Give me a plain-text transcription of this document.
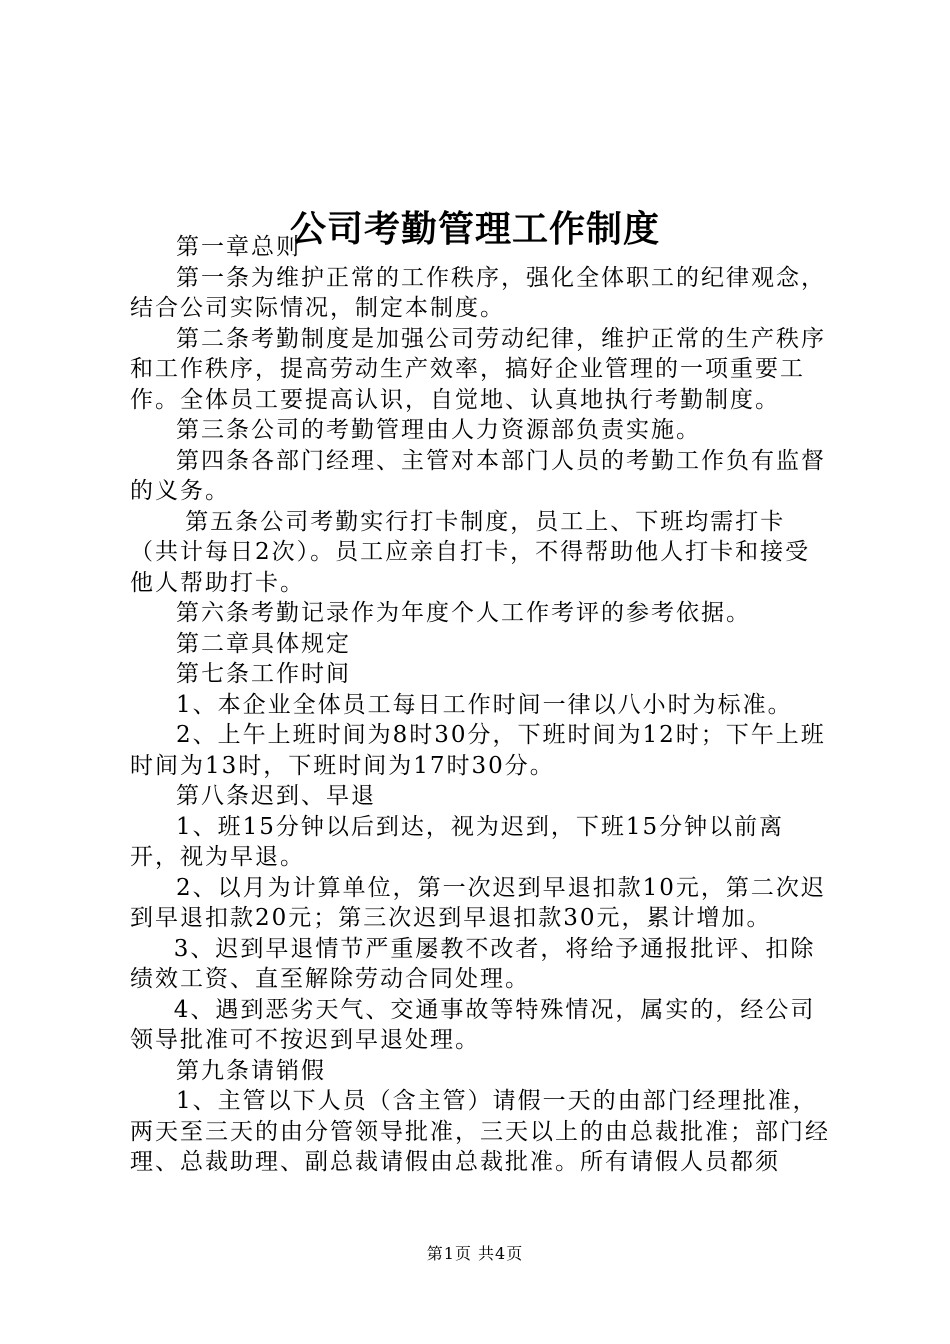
公司考勤管理工作制度

第一章总则

第一条为维护正常的工作秩序，强化全体职工的纪律观念，结合公司实际情况，制定本制度。

第二条考勤制度是加强公司劳动纪律，维护正常的生产秩序和工作秩序，提高劳动生产效率，搞好企业管理的一项重要工作。全体员工要提高认识，自觉地、认真地执行考勤制度。

第三条公司的考勤管理由人力资源部负责实施。

第四条各部门经理、主管对本部门人员的考勤工作负有监督的义务。

第五条公司考勤实行打卡制度，员工上、下班均需打卡（共计每日2次）。员工应亲自打卡，不得帮助他人打卡和接受他人帮助打卡。

第六条考勤记录作为年度个人工作考评的参考依据。

第二章具体规定

第七条工作时间

1、本企业全体员工每日工作时间一律以八小时为标准。

2、上午上班时间为8时30分，下班时间为12时；下午上班时间为13时，下班时间为17时30分。

第八条迟到、早退

1、班15分钟以后到达，视为迟到，下班15分钟以前离开，视为早退。

2、以月为计算单位，第一次迟到早退扣款10元，第二次迟到早退扣款20元；第三次迟到早退扣款30元，累计增加。

3、迟到早退情节严重屡教不改者，将给予通报批评、扣除绩效工资、直至解除劳动合同处理。

4、遇到恶劣天气、交通事故等特殊情况，属实的，经公司领导批准可不按迟到早退处理。

第九条请销假

1、主管以下人员（含主管）请假一天的由部门经理批准，两天至三天的由分管领导批准，三天以上的由总裁批准；部门经理、总裁助理、副总裁请假由总裁批准。所有请假人员都须

第1页 共4页
